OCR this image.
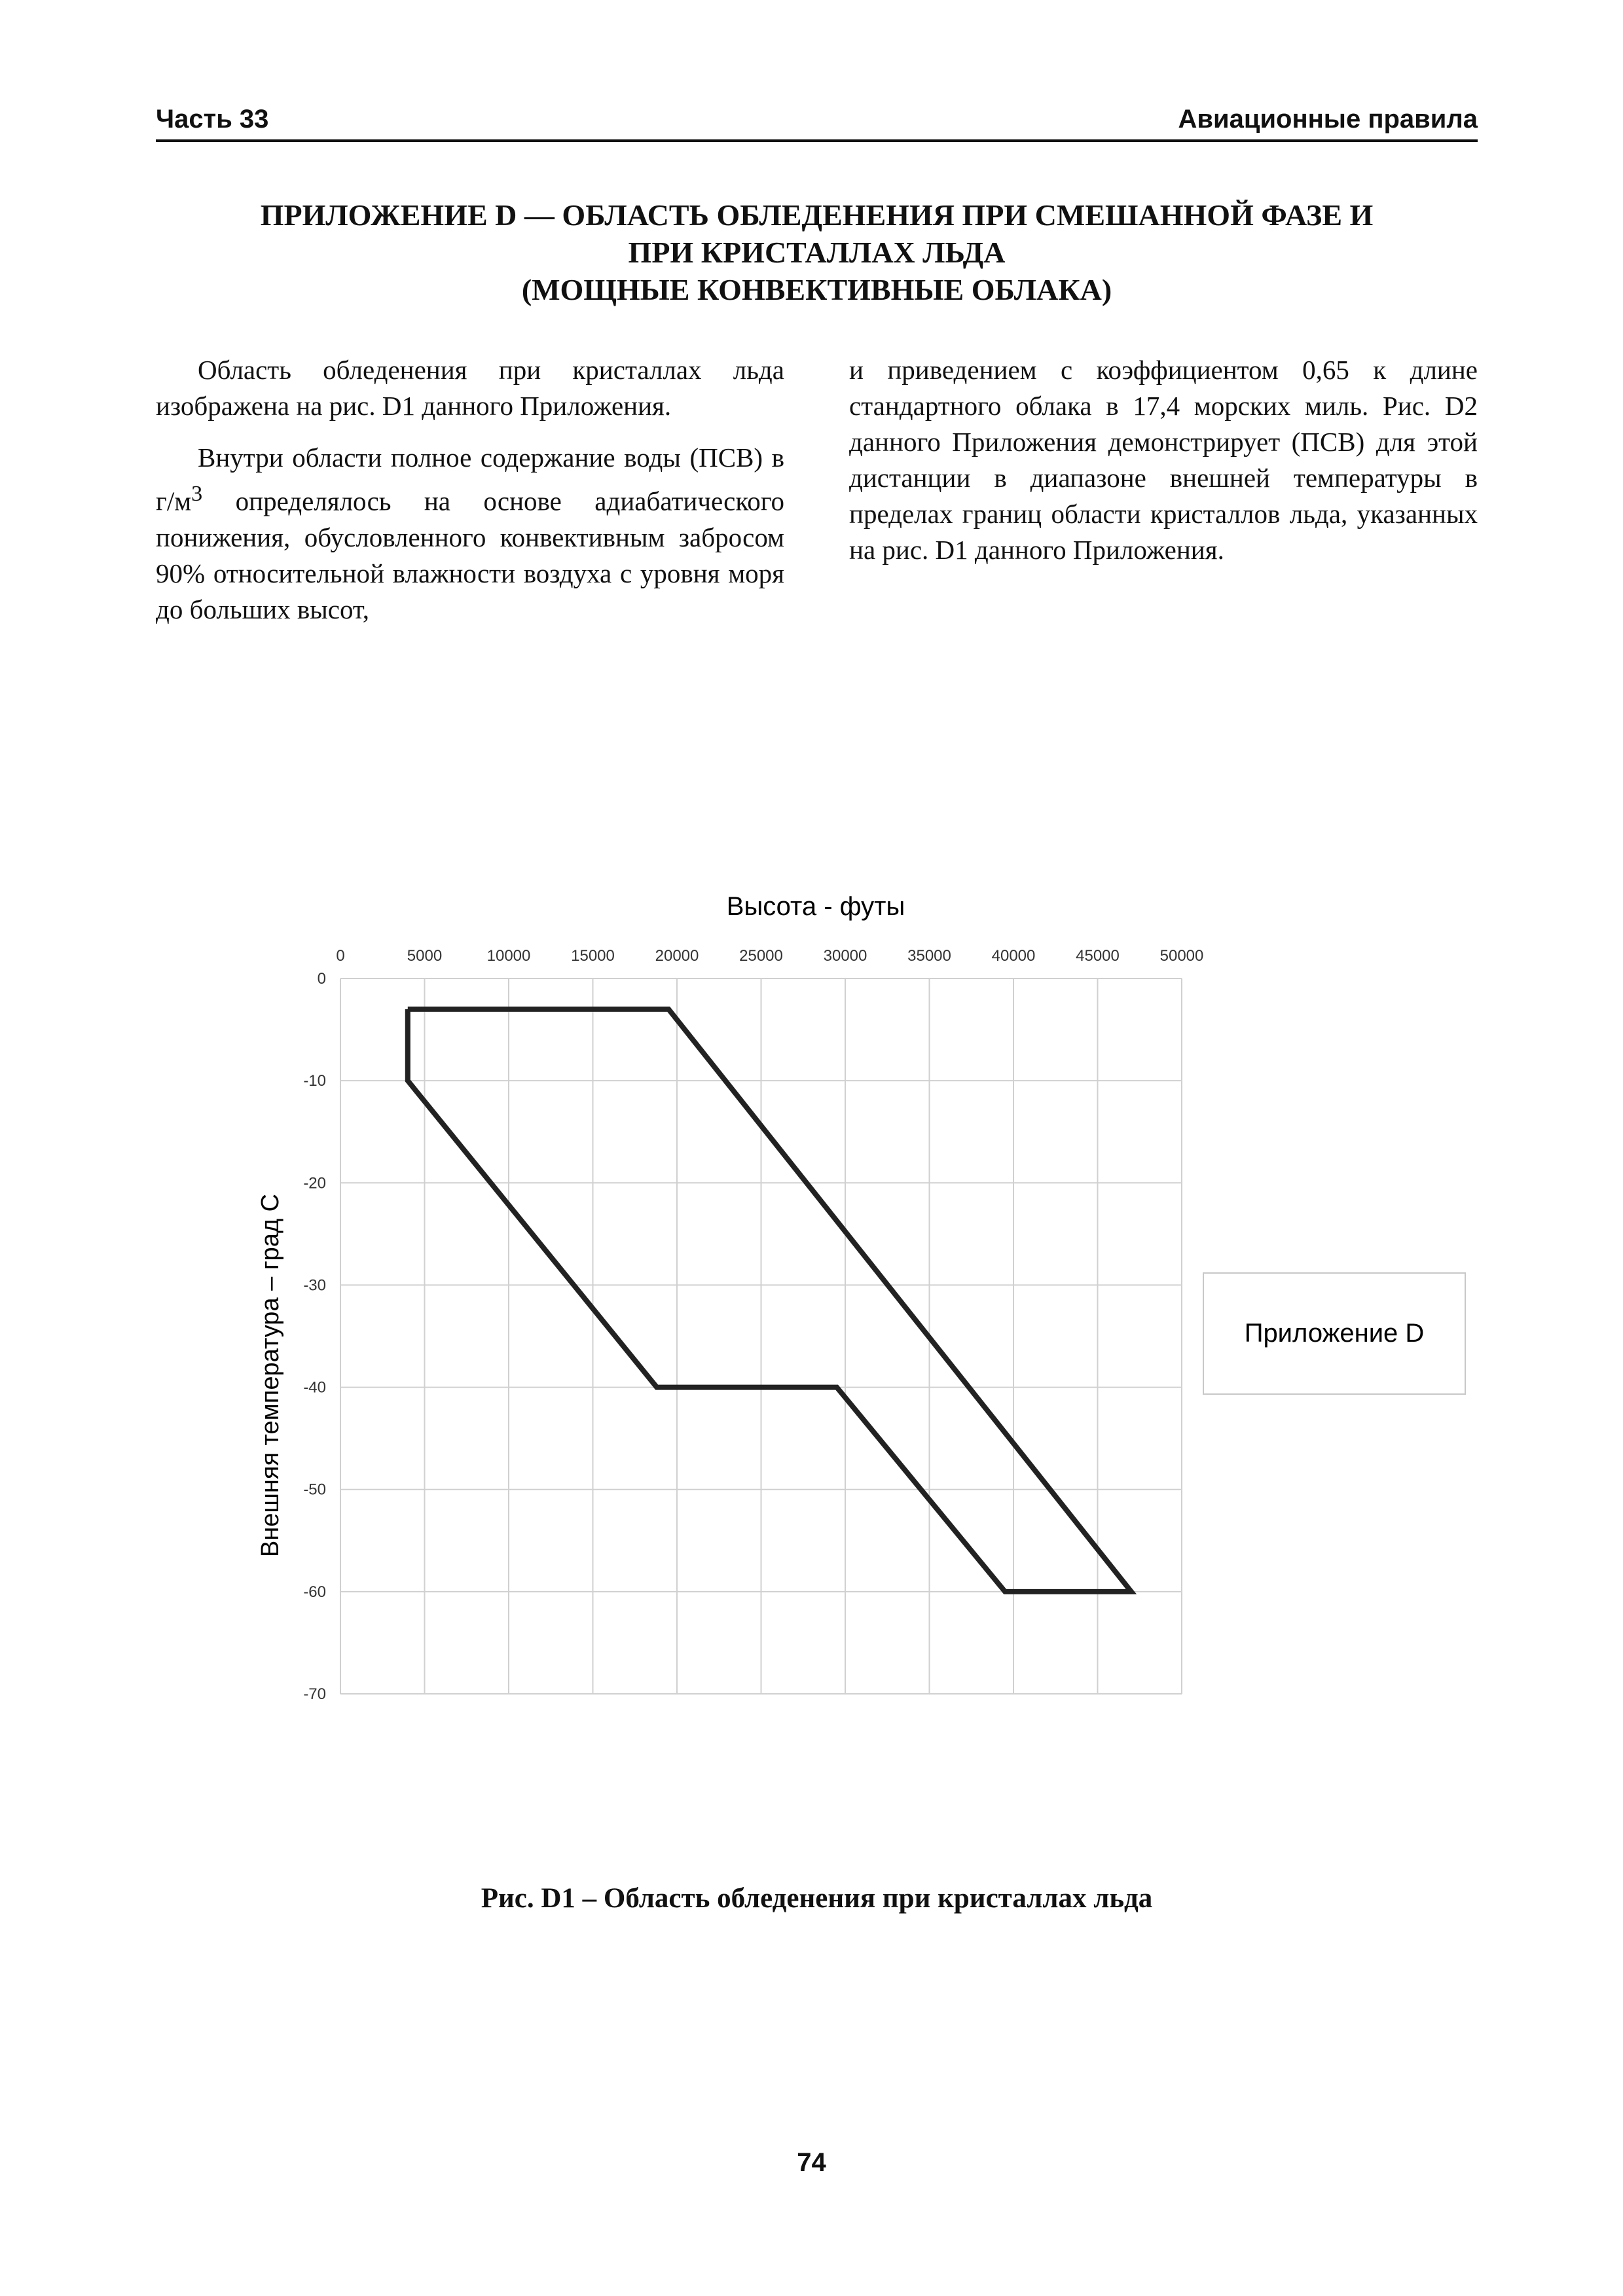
Часть 33	Авиационные правила
ПРИЛОЖЕНИЕ D — ОБЛАСТЬ ОБЛЕДЕНЕНИЯ ПРИ СМЕШАННОЙ ФАЗЕ И
ПРИ КРИСТАЛЛАХ ЛЬДА
(МОЩНЫЕ КОНВЕКТИВНЫЕ ОБЛАКА)

Область обледенения при кристаллах льда изображена на рис. D1 данного Приложения.

Внутри области полное содержание воды (ПСВ) в $г/м^3$ определялось на основе адиабатического понижения, обусловленного конвективным забросом 90% относительной влажности воздуха с уровня моря до больших высот,

и приведением с коэффициентом 0,65 к длине стандартного облака в 17,4 морских миль. Рис. D2 данного Приложения демонстрирует (ПСВ) для этой дистанции в диапазоне внешней температуры в пределах границ области кристаллов льда, указанных на рис. D1 данного Приложения.

Высота - футы
0	5000	10000	15000	20000	25000	30000	35000	40000	45000	50000
0
-10
-20
-30
-40
-50
-60
-70
Внешняя температура – град С	Приложение D
Рис. D1 – Область обледенения при кристаллах льда
74
